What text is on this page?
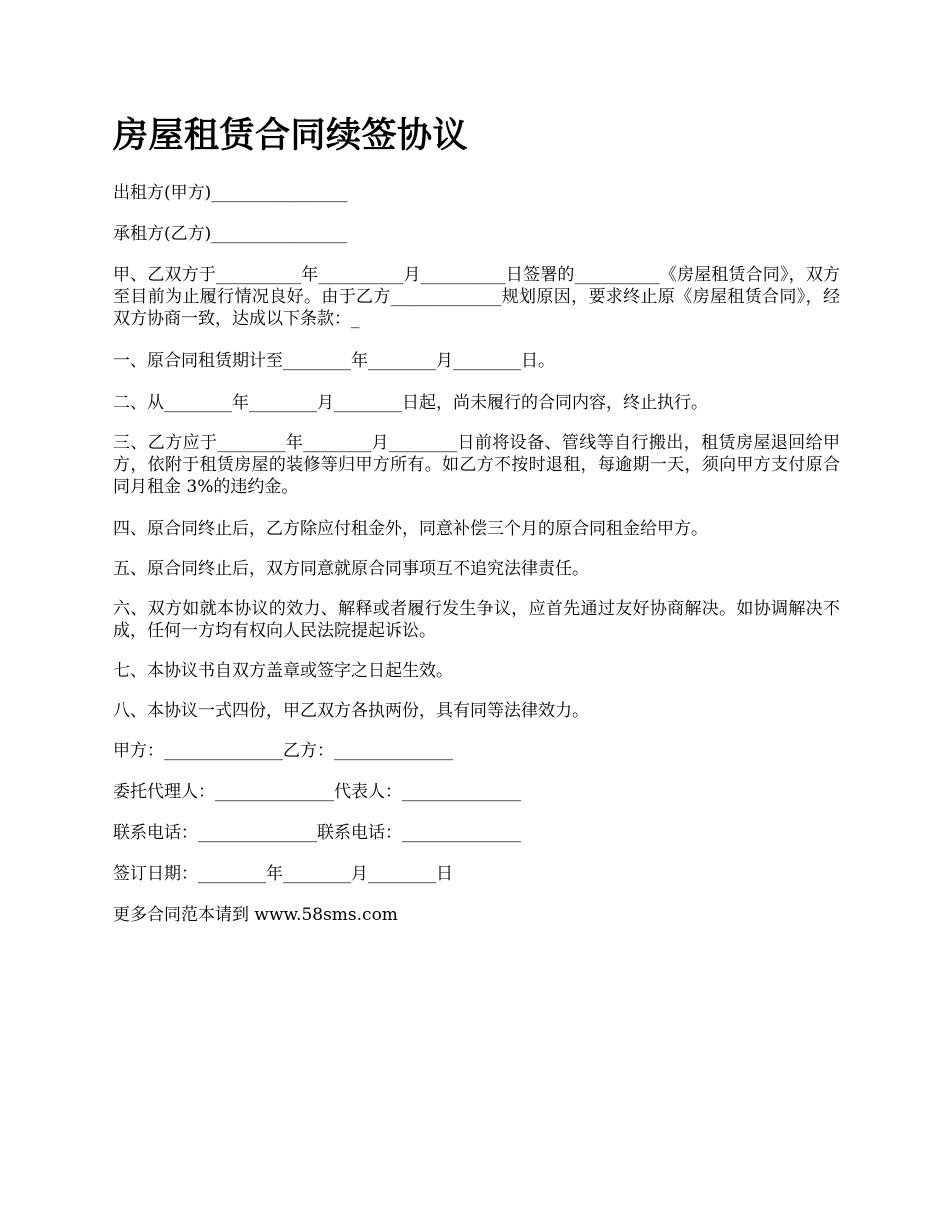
房屋租赁合同续签协议

出租方(甲方)________________

承租方(乙方)________________

甲、乙双方于__________年__________月__________日签署的__________《房屋租赁合同》，双方至目前为止履行情况良好。由于乙方_____________规划原因，要求终止原《房屋租赁合同》，经双方协商一致，达成以下条款：_

一、原合同租赁期计至________年________月________日。

二、从________年________月________日起，尚未履行的合同内容，终止执行。

三、乙方应于________年________月________日前将设备、管线等自行搬出，租赁房屋退回给甲方，依附于租赁房屋的装修等归甲方所有。如乙方不按时退租，每逾期一天，须向甲方支付原合同月租金 3%的违约金。

四、原合同终止后，乙方除应付租金外，同意补偿三个月的原合同租金给甲方。

五、原合同终止后，双方同意就原合同事项互不追究法律责任。

六、双方如就本协议的效力、解释或者履行发生争议，应首先通过友好协商解决。如协调解决不成，任何一方均有权向人民法院提起诉讼。

七、本协议书自双方盖章或签字之日起生效。

八、本协议一式四份，甲乙双方各执两份，具有同等法律效力。

甲方：______________乙方：______________

委托代理人：______________代表人：______________

联系电话：______________联系电话：______________

签订日期：________年________月________日

更多合同范本请到 www.58sms.com
